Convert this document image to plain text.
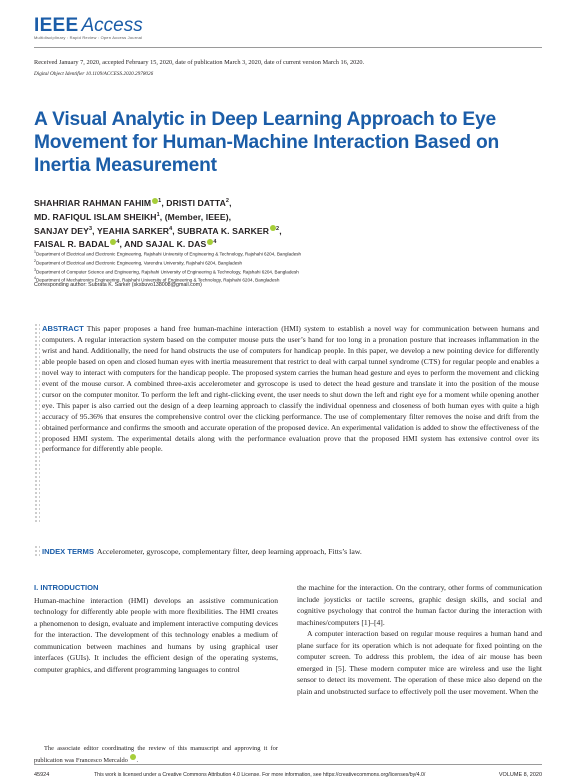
IEEE Access
Multidisciplinary : Rapid Review : Open Access Journal
Received January 7, 2020, accepted February 15, 2020, date of publication March 3, 2020, date of current version March 16, 2020.
Digital Object Identifier 10.1109/ACCESS.2020.2978026
A Visual Analytic in Deep Learning Approach to Eye Movement for Human-Machine Interaction Based on Inertia Measurement
SHAHRIAR RAHMAN FAHIM $^1$, DRISTI DATTA$^2$,
MD. RAFIQUL ISLAM SHEIKH$^1$, (Member, IEEE),
SANJAY DEY$^3$, YEAHIA SARKER$^4$, SUBRATA K. SARKER $^2$,
FAISAL R. BADAL $^4$, AND SAJAL K. DAS $^4$
$^1$Department of Electrical and Electronic Engineering, Rajshahi University of Engineering & Technology, Rajshahi 6204, Bangladesh
$^2$Department of Electrical and Electronic Engineering, Varendra University, Rajshahi 6204, Bangladesh
$^3$Department of Computer Science and Engineering, Rajshahi University of Engineering & Technology, Rajshahi 6204, Bangladesh
$^4$Department of Mechatronics Engineering, Rajshahi University of Engineering & Technology, Rajshahi 6204, Bangladesh
Corresponding author: Subrata K. Sarker (sksbuvo138008@gmail.com)
ABSTRACT This paper proposes a hand free human-machine interaction (HMI) system to establish a novel way for communication between humans and computers. A regular interaction system based on the computer mouse puts the user’s hand for too long in a pronation posture that increases inflammation in the wrist and hand. Additionally, the need for hand obstructs the use of computers for handicap people. In this paper, we develop a new pointing device for differently able people based on open and closed human eyes with inertia measurement that restrict to deal with carpal tunnel syndrome (CTS) for regular people and enables a novel way to interact with computers for the handicap people. The proposed system carries the human head gesture and eyes to perform the movement and clicking event of the mouse cursor. A combined three-axis accelerometer and gyroscope is used to detect the head gesture and translate it into the position of the mouse cursor on the computer monitor. To perform the left and right-clicking event, the user needs to shut down the left and right eye for a moment while opening another eye. This paper is also carried out the design of a deep learning approach to classify the individual openness and closeness of both human eyes with quite a high accuracy of 95.36% that ensures the comprehensive control over the clicking performance. The use of complementary filter removes the noise and drift from the obtained performance and confirms the smooth and accurate operation of the proposed device. An experimental validation is added to show the effectiveness of the proposed HMI system. The experimental details along with the performance evaluation prove that the proposed HMI system has extensive control over its performance for differently able people.
INDEX TERMS Accelerometer, gyroscope, complementary filter, deep learning approach, Fitts’s law.
I. INTRODUCTION

Human-machine interaction (HMI) develops an assistive communication technology for differently able people with more flexibilities. The HMI creates a phenomenon to design, evaluate and implement interactive computing devices for the interaction. The development of this technology enables a medium of communication between machines and humans by using graphical user interfaces (GUIs). It includes the efficient design of the operating systems, computer graphics, and different programming languages to control

the machine for the interaction. On the contrary, other forms of communication include joysticks or tactile screens, graphic design skills, and social and cognitive psychology that control the human factor during the interaction with machines/computers [1]–[4].

A computer interaction based on regular mouse requires a human hand and plane surface for its operation which is not adequate for fixed pointing on the computer screen. To address this problem, the idea of air mouse has been emerged in [5]. These modern computer mice are wireless and use the light sensor to detect its movement. The operation of these mice also depend on the plain and unobstructed surface to effectively poll the user movement. When the

The associate editor coordinating the review of this manuscript and approving it for publication was Francesco Mercaldo .
45924	This work is licensed under a Creative Commons Attribution 4.0 License. For more information, see https://creativecommons.org/licenses/by/4.0/	VOLUME 8, 2020
